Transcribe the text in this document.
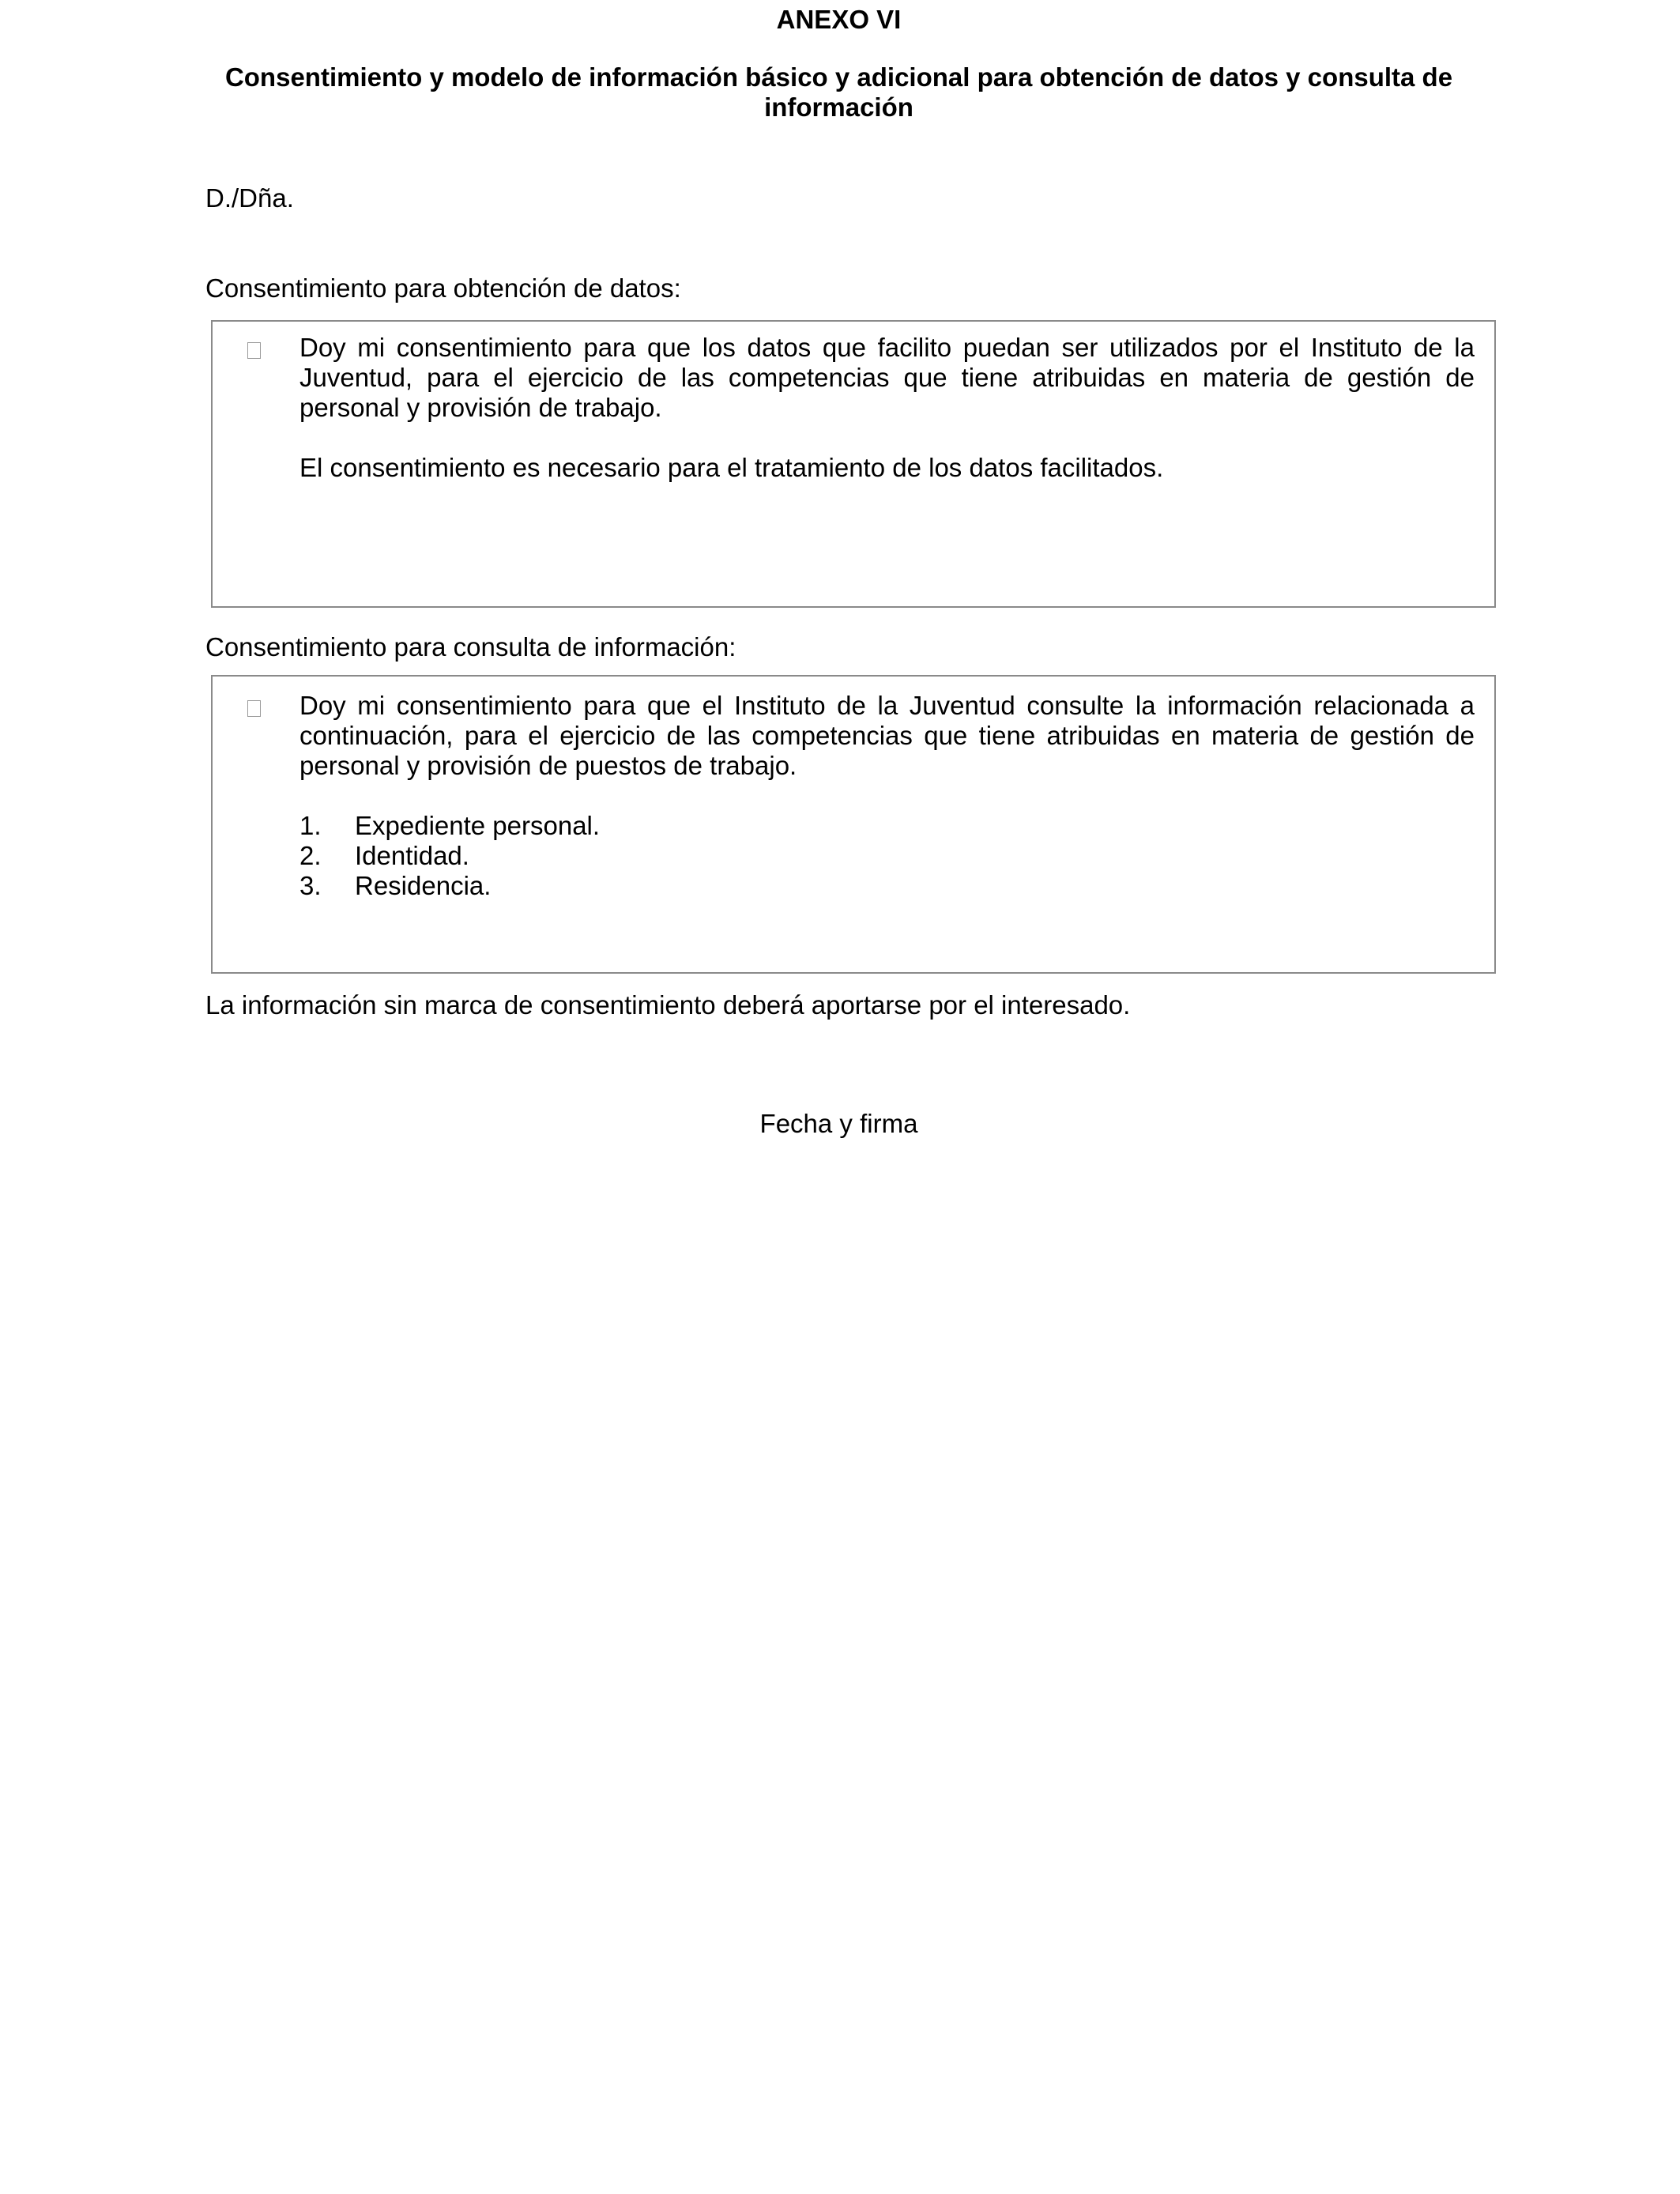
ANEXO VI
Consentimiento y modelo de información básico y adicional para obtención de datos y consulta de información

D./Dña.

Consentimiento para obtención de datos:

Doy mi consentimiento para que los datos que facilito puedan ser utilizados por el Instituto de la Juventud, para el ejercicio de las competencias que tiene atribuidas en materia de gestión de personal y provisión de trabajo.

El consentimiento es necesario para el tratamiento de los datos facilitados.

Consentimiento para consulta de información:

Doy mi consentimiento para que el Instituto de la Juventud consulte la información relacionada a continuación, para el ejercicio de las competencias que tiene atribuidas en materia de gestión de personal y provisión de puestos de trabajo.

1. Expediente personal.
2. Identidad.
3. Residencia.

La información sin marca de consentimiento deberá aportarse por el interesado.

Fecha y firma
